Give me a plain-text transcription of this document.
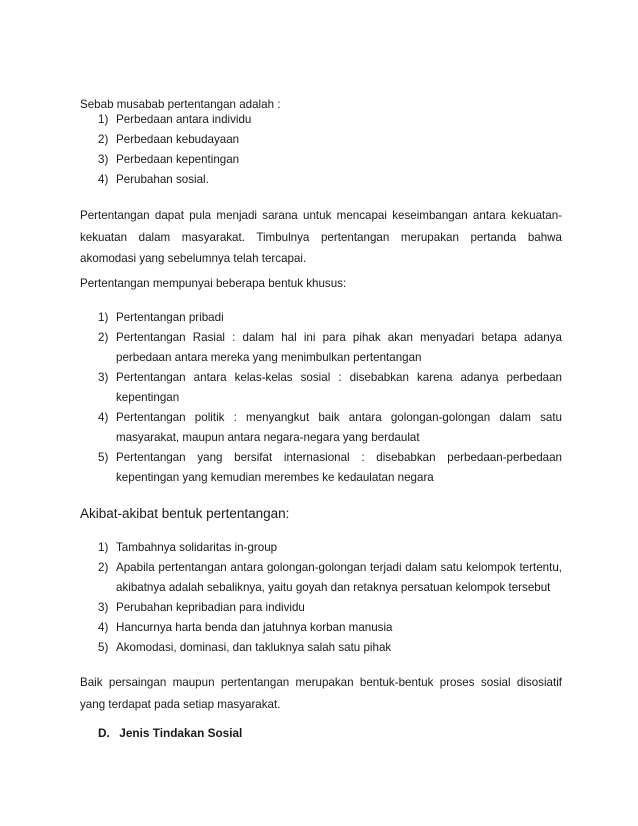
Sebab musabab pertentangan adalah :

1) Perbedaan antara individu
2) Perbedaan kebudayaan
3) Perbedaan kepentingan
4) Perubahan sosial.

Pertentangan dapat pula menjadi sarana untuk mencapai keseimbangan antara kekuatan-kekuatan dalam masyarakat. Timbulnya pertentangan merupakan pertanda bahwa akomodasi yang sebelumnya telah tercapai.

Pertentangan mempunyai beberapa bentuk khusus:

1) Pertentangan pribadi
2) Pertentangan Rasial : dalam hal ini para pihak akan menyadari betapa adanya perbedaan antara mereka yang menimbulkan pertentangan
3) Pertentangan antara kelas-kelas sosial : disebabkan karena adanya perbedaan kepentingan
4) Pertentangan politik : menyangkut baik antara golongan-golongan dalam satu masyarakat, maupun antara negara-negara yang berdaulat
5) Pertentangan yang bersifat internasional : disebabkan perbedaan-perbedaan kepentingan yang kemudian merembes ke kedaulatan negara

Akibat-akibat bentuk pertentangan:

1) Tambahnya solidaritas in-group
2) Apabila pertentangan antara golongan-golongan terjadi dalam satu kelompok tertentu, akibatnya adalah sebaliknya, yaitu goyah dan retaknya persatuan kelompok tersebut
3) Perubahan kepribadian para individu
4) Hancurnya harta benda dan jatuhnya korban manusia
5) Akomodasi, dominasi, dan takluknya salah satu pihak

Baik persaingan maupun pertentangan merupakan bentuk-bentuk proses sosial disosiatif yang terdapat pada setiap masyarakat.

D. Jenis Tindakan Sosial
